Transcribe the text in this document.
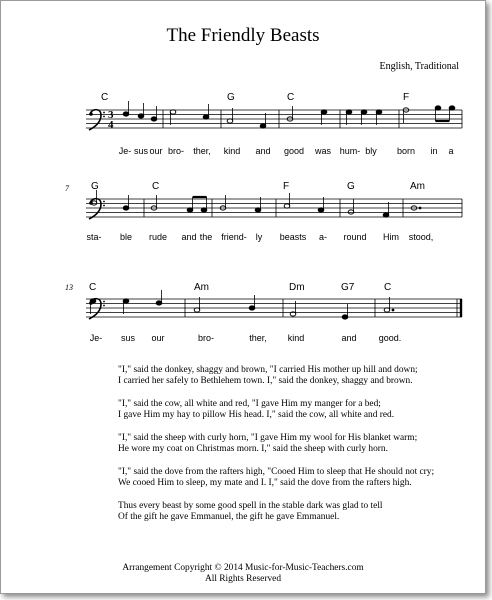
The Friendly Beasts
English, Traditional
C	G	C	F
3
4
Je- sus our bro- ther, kind and good was hum- bly born in a
7 G	C	F	G	Am
sta- ble rude and the friend- ly beasts a- round Him stood,
13 C	Am	Dm	G7	C
Je- sus our	bro-	ther, kind	and good.

"I," said the donkey, shaggy and brown, "I carried His mother up hill and down;
I carried her safely to Bethlehem town. I," said the donkey, shaggy and brown.

"I," said the cow, all white and red, "I gave Him my manger for a bed;
I gave Him my hay to pillow His head. I," said the cow, all white and red.

"I," said the sheep with curly horn, "I gave Him my wool for His blanket warm;
He wore my coat on Christmas morn. I," said the sheep with curly horn.

"I," said the dove from the rafters high, "Cooed Him to sleep that He should not cry;
We cooed Him to sleep, my mate and I. I," said the dove from the rafters high.

Thus every beast by some good spell in the stable dark was glad to tell
Of the gift he gave Emmanuel, the gift he gave Emmanuel.

Arrangement Copyright © 2014 Music-for-Music-Teachers.com
All Rights Reserved
